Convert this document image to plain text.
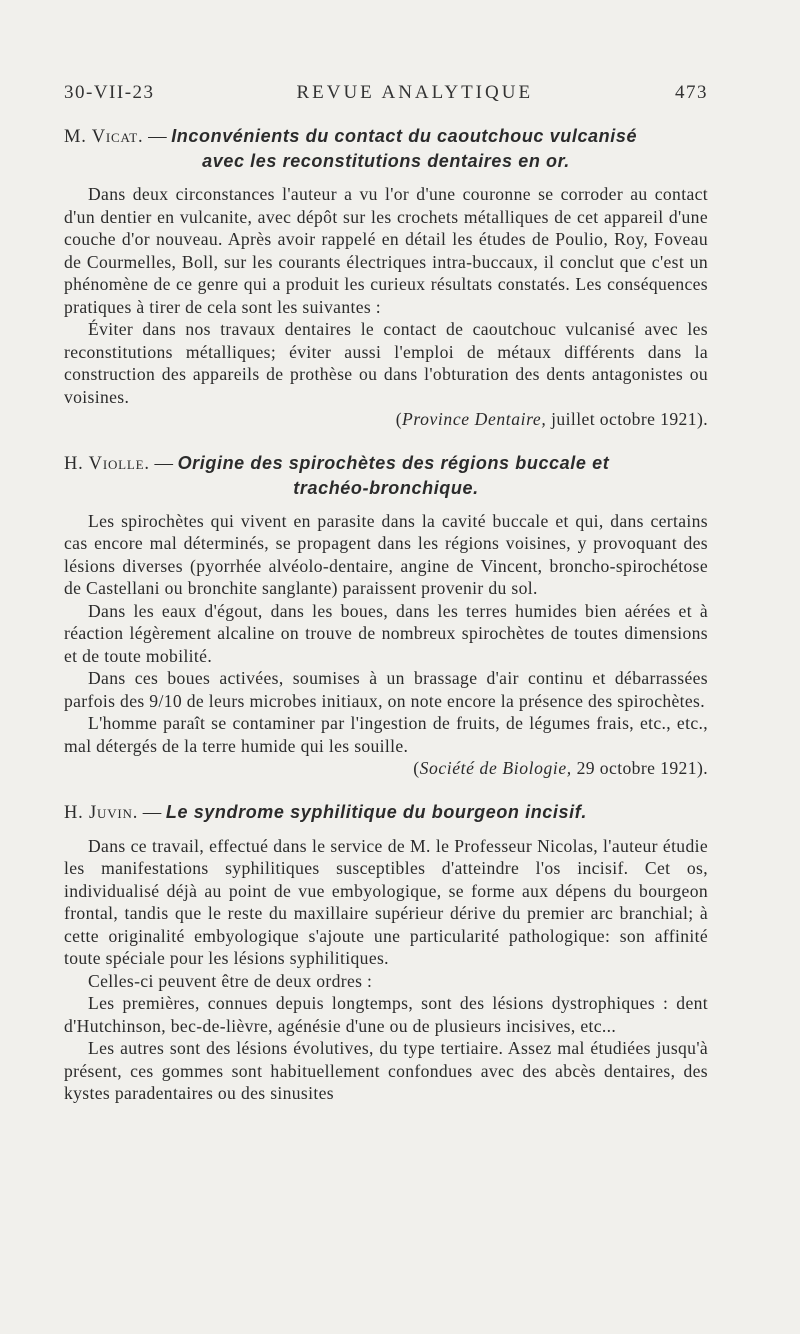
30-VII-23	REVUE ANALYTIQUE	473

M. Vicat. — Inconvénients du contact du caoutchouc vulcanisé
avec les reconstitutions dentaires en or.

Dans deux circonstances l'auteur a vu l'or d'une couronne se corroder au contact d'un dentier en vulcanite, avec dépôt sur les crochets métalliques de cet appareil d'une couche d'or nouveau. Après avoir rappelé en détail les études de Poulio, Roy, Foveau de Courmelles, Boll, sur les courants électriques intra-buccaux, il conclut que c'est un phénomène de ce genre qui a produit les curieux résultats constatés. Les conséquences pratiques à tirer de cela sont les suivantes :

Éviter dans nos travaux dentaires le contact de caoutchouc vulcanisé avec les reconstitutions métalliques; éviter aussi l'emploi de métaux différents dans la construction des appareils de prothèse ou dans l'obturation des dents antagonistes ou voisines.

(Province Dentaire, juillet octobre 1921).

H. Violle. — Origine des spirochètes des régions buccale et
trachéo-bronchique.

Les spirochètes qui vivent en parasite dans la cavité buccale et qui, dans certains cas encore mal déterminés, se propagent dans les régions voisines, y provoquant des lésions diverses (pyorrhée alvéolo-dentaire, angine de Vincent, broncho-spirochétose de Castellani ou bronchite sanglante) paraissent provenir du sol.

Dans les eaux d'égout, dans les boues, dans les terres humides bien aérées et à réaction légèrement alcaline on trouve de nombreux spirochètes de toutes dimensions et de toute mobilité.

Dans ces boues activées, soumises à un brassage d'air continu et débarrassées parfois des 9/10 de leurs microbes initiaux, on note encore la présence des spirochètes.

L'homme paraît se contaminer par l'ingestion de fruits, de légumes frais, etc., etc., mal détergés de la terre humide qui les souille.

(Société de Biologie, 29 octobre 1921).

H. Juvin. — Le syndrome syphilitique du bourgeon incisif.

Dans ce travail, effectué dans le service de M. le Professeur Nicolas, l'auteur étudie les manifestations syphilitiques susceptibles d'atteindre l'os incisif. Cet os, individualisé déjà au point de vue embyologique, se forme aux dépens du bourgeon frontal, tandis que le reste du maxillaire supérieur dérive du premier arc branchial; à cette originalité embyologique s'ajoute une particularité pathologique: son affinité toute spéciale pour les lésions syphilitiques.

Celles-ci peuvent être de deux ordres :

Les premières, connues depuis longtemps, sont des lésions dystrophiques : dent d'Hutchinson, bec-de-lièvre, agénésie d'une ou de plusieurs incisives, etc...

Les autres sont des lésions évolutives, du type tertiaire. Assez mal étudiées jusqu'à présent, ces gommes sont habituellement confondues avec des abcès dentaires, des kystes paradentaires ou des sinusites
